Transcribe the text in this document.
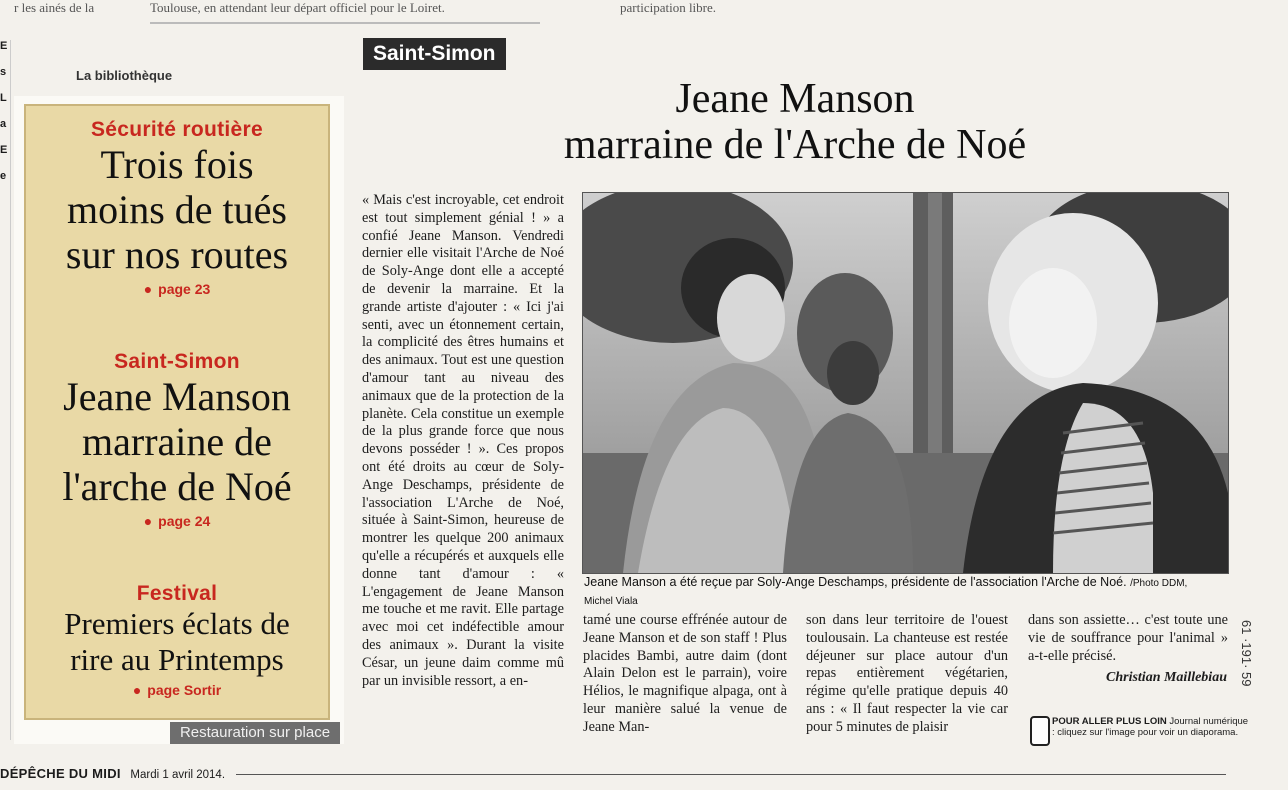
r les ainés de la	Toulouse, en attendant leur départ officiel pour le Loiret.	participation libre.
E
s
L
a
E
e
La bibliothèque
Sécurité routière
Trois fois
moins de tués
sur nos routes
● page 23
Saint-Simon
Jeane Manson
marraine de
l'arche de Noé
● page 24
Festival
Premiers éclats de
rire au Printemps
● page Sortir
Restauration sur place
Saint-Simon
Jeane Manson
marraine de l'Arche de Noé

« Mais c'est incroyable, cet endroit est tout simplement génial ! » a confié Jeane Manson. Vendredi dernier elle visitait l'Arche de Noé de Soly-Ange dont elle a accepté de devenir la marraine. Et la grande artiste d'ajouter : « Ici j'ai senti, avec un étonnement certain, la complicité des êtres humains et des animaux. Tout est une question d'amour tant au niveau des animaux que de la protection de la planète. Cela constitue un exemple de la plus grande force que nous devons posséder ! ». Ces propos ont été droits au cœur de Soly-Ange Deschamps, présidente de l'association L'Arche de Noé, située à Saint-Simon, heureuse de montrer les quelque 200 animaux qu'elle a récupérés et auxquels elle donne tant d'amour : « L'engagement de Jeane Manson me touche et me ravit. Elle partage avec moi cet indéfectible amour des animaux ». Durant la visite César, un jeune daim comme mû par un invisible ressort, a en-

Jeane Manson a été reçue par Soly-Ange Deschamps, présidente de l'association l'Arche de Noé. /Photo DDM,
Michel Viala

tamé une course effrénée autour de Jeane Manson et de son staff ! Plus placides Bambi, autre daim (dont Alain Delon est le parrain), voire Hélios, le magnifique alpaga, ont à leur manière salué la venue de Jeane Man-

son dans leur territoire de l'ouest toulousain. La chanteuse est restée déjeuner sur place autour d'un repas entièrement végétarien, régime qu'elle pratique depuis 40 ans : « Il faut respecter la vie car pour 5 minutes de plaisir

dans son assiette… c'est toute une vie de souffrance pour l'animal » a-t-elle précisé.

Christian Maillebiau
POUR ALLER PLUS LOIN Journal numérique : cliquez sur l'image pour voir un diaporama.
61 ·191· 59
DÉPÊCHE DU MIDI Mardi 1 avril 2014.
